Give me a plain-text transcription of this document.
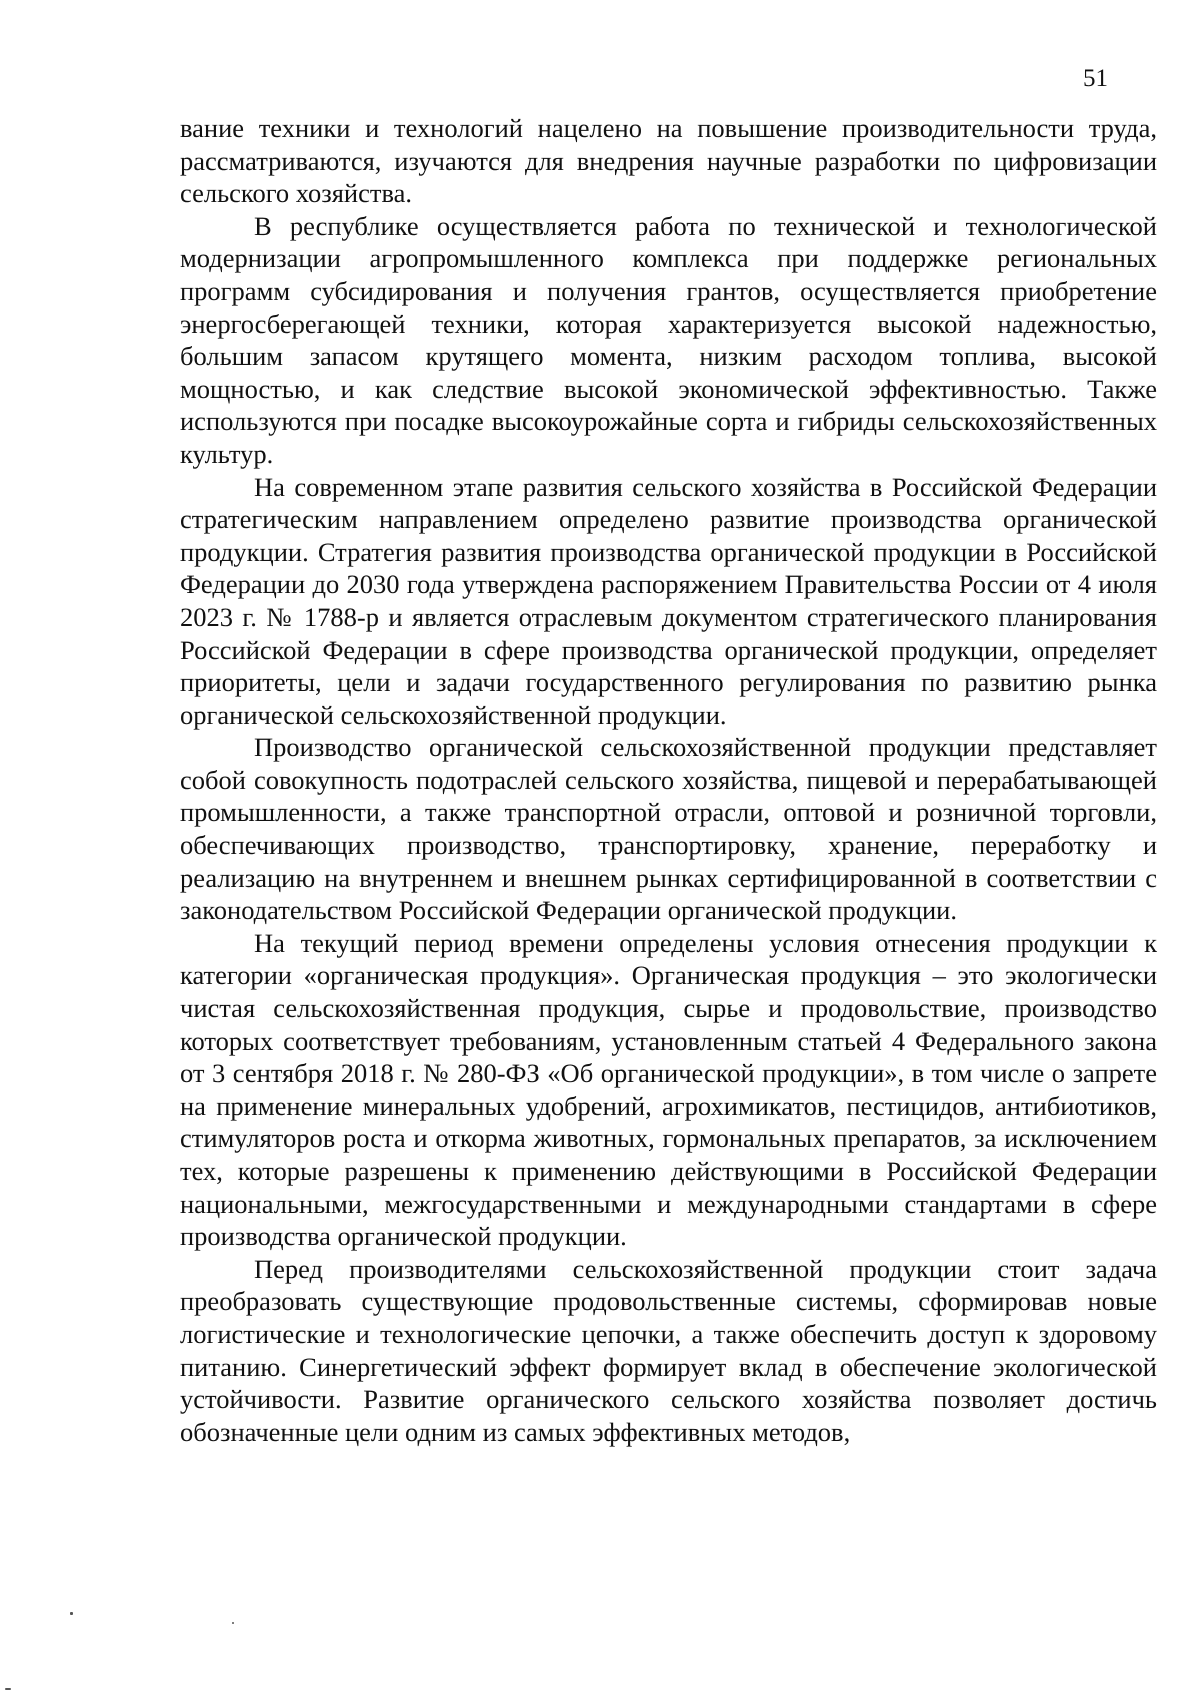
51

вание техники и технологий нацелено на повышение производительности труда, рассматриваются, изучаются для внедрения научные разработки по цифровизации сельского хозяйства.

В республике осуществляется работа по технической и технологической модернизации агропромышленного комплекса при поддержке региональных программ субсидирования и получения грантов, осуществляется приобретение энергосберегающей техники, которая характеризуется высокой надежностью, большим запасом крутящего момента, низким расходом топлива, высокой мощностью, и как следствие высокой экономической эффективностью. Также используются при посадке высокоурожайные сорта и гибриды сельскохозяйственных культур.

На современном этапе развития сельского хозяйства в Российской Федерации стратегическим направлением определено развитие производства органической продукции. Стратегия развития производства органической продукции в Российской Федерации до 2030 года утверждена распоряжением Правительства России от 4 июля 2023 г. № 1788-р и является отраслевым документом стратегического планирования Российской Федерации в сфере производства органической продукции, определяет приоритеты, цели и задачи государственного регулирования по развитию рынка органической сельскохозяйственной продукции.

Производство органической сельскохозяйственной продукции представляет собой совокупность подотраслей сельского хозяйства, пищевой и перерабатывающей промышленности, а также транспортной отрасли, оптовой и розничной торговли, обеспечивающих производство, транспортировку, хранение, переработку и реализацию на внутреннем и внешнем рынках сертифицированной в соответствии с законодательством Российской Федерации органической продукции.

На текущий период времени определены условия отнесения продукции к категории «органическая продукция». Органическая продукция – это экологически чистая сельскохозяйственная продукция, сырье и продовольствие, производство которых соответствует требованиям, установленным статьей 4 Федерального закона от 3 сентября 2018 г. № 280-ФЗ «Об органической продукции», в том числе о запрете на применение минеральных удобрений, агрохимикатов, пестицидов, антибиотиков, стимуляторов роста и откорма животных, гормональных препаратов, за исключением тех, которые разрешены к применению действующими в Российской Федерации национальными, межгосударственными и международными стандартами в сфере производства органической продукции.

Перед производителями сельскохозяйственной продукции стоит задача преобразовать существующие продовольственные системы, сформировав новые логистические и технологические цепочки, а также обеспечить доступ к здоровому питанию. Синергетический эффект формирует вклад в обеспечение экологической устойчивости. Развитие органического сельского хозяйства позволяет достичь обозначенные цели одним из самых эффективных методов,
